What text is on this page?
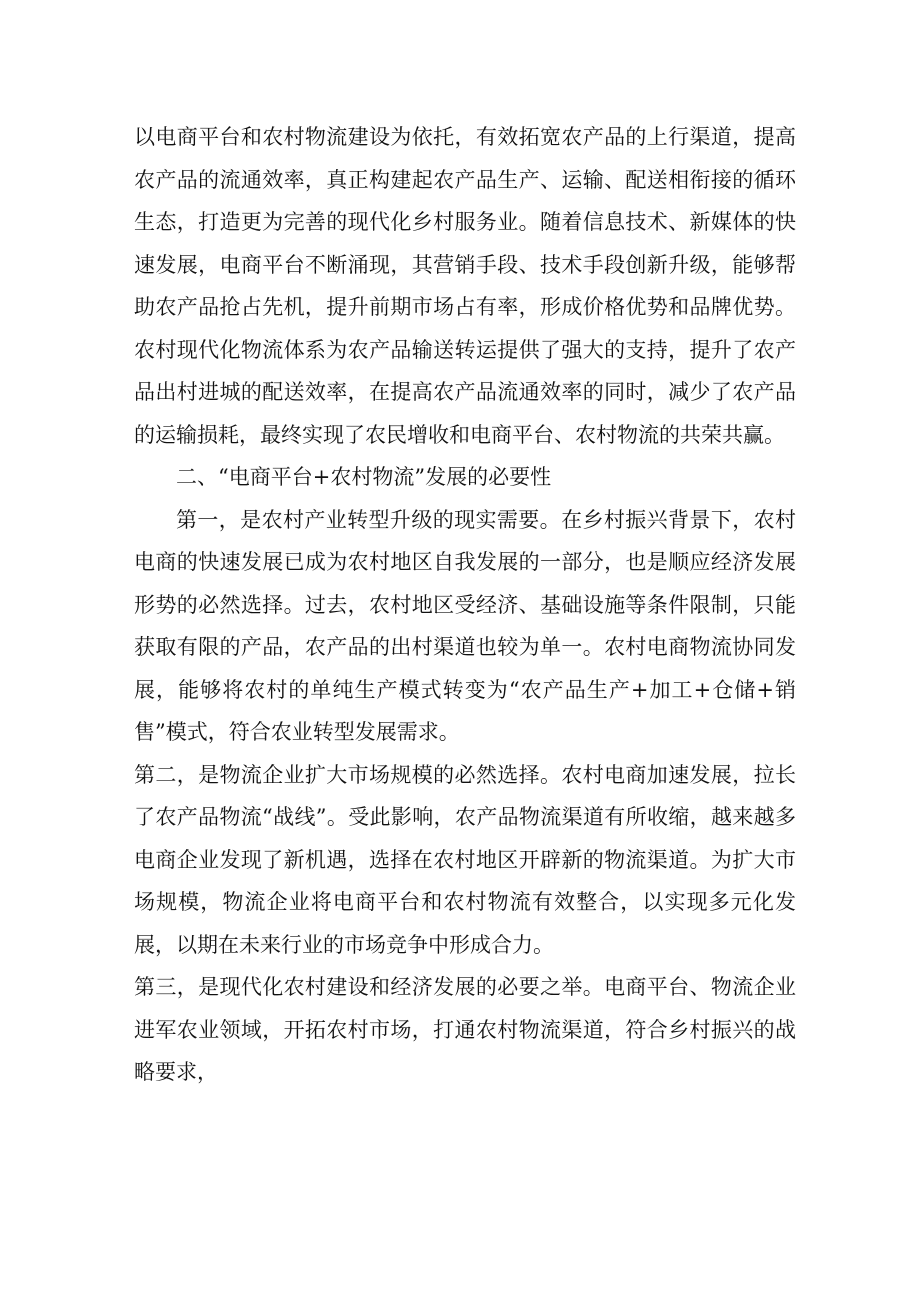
以电商平台和农村物流建设为依托，有效拓宽农产品的上行渠道，提高农产品的流通效率，真正构建起农产品生产、运输、配送相衔接的循环生态，打造更为完善的现代化乡村服务业。随着信息技术、新媒体的快速发展，电商平台不断涌现，其营销手段、技术手段创新升级，能够帮助农产品抢占先机，提升前期市场占有率，形成价格优势和品牌优势。农村现代化物流体系为农产品输送转运提供了强大的支持，提升了农产品出村进城的配送效率，在提高农产品流通效率的同时，减少了农产品的运输损耗，最终实现了农民增收和电商平台、农村物流的共荣共赢。

二、“电商平台+农村物流”发展的必要性

第一，是农村产业转型升级的现实需要。在乡村振兴背景下，农村电商的快速发展已成为农村地区自我发展的一部分，也是顺应经济发展形势的必然选择。过去，农村地区受经济、基础设施等条件限制，只能获取有限的产品，农产品的出村渠道也较为单一。农村电商物流协同发展，能够将农村的单纯生产模式转变为“农产品生产+加工+仓储+销售”模式，符合农业转型发展需求。

第二，是物流企业扩大市场规模的必然选择。农村电商加速发展，拉长了农产品物流“战线”。受此影响，农产品物流渠道有所收缩，越来越多电商企业发现了新机遇，选择在农村地区开辟新的物流渠道。为扩大市场规模，物流企业将电商平台和农村物流有效整合，以实现多元化发展，以期在未来行业的市场竞争中形成合力。

第三，是现代化农村建设和经济发展的必要之举。电商平台、物流企业进军农业领域，开拓农村市场，打通农村物流渠道，符合乡村振兴的战略要求，
